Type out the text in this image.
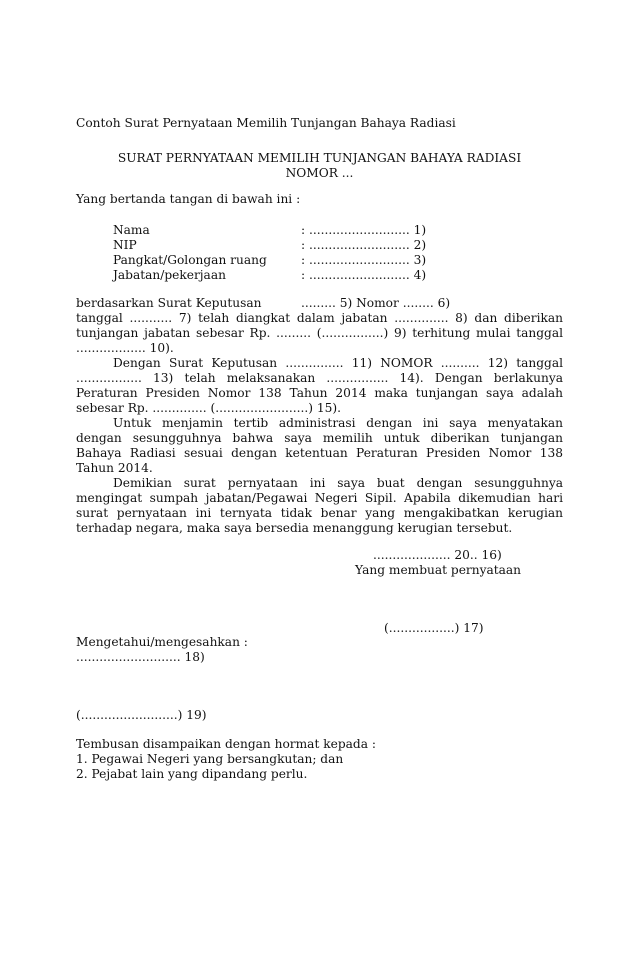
Contoh Surat Pernyataan Memilih Tunjangan Bahaya Radiasi
SURAT PERNYATAAN MEMILIH TUNJANGAN BAHAYA RADIASI
NOMOR ...
Yang bertanda tangan di bawah ini :
Nama	: .......................... 1)
NIP	: .......................... 2)
Pangkat/Golongan ruang	: .......................... 3)
Jabatan/pekerjaan	: .......................... 4)
berdasarkan Surat Keputusan	......... 5) Nomor ........ 6)
tanggal ........... 7) telah diangkat dalam jabatan .............. 8) dan diberikan
tunjangan jabatan sebesar Rp. ......... (................) 9) terhitung mulai tanggal
.................. 10).
Dengan Surat Keputusan ............... 11) NOMOR .......... 12) tanggal
................. 13) telah melaksanakan ................ 14). Dengan berlakunya
Peraturan Presiden Nomor 138 Tahun 2014 maka tunjangan saya adalah
sebesar Rp. .............. (........................) 15).
Untuk menjamin tertib administrasi dengan ini saya menyatakan
dengan sesungguhnya bahwa saya memilih untuk diberikan tunjangan
Bahaya Radiasi sesuai dengan ketentuan Peraturan Presiden Nomor 138
Tahun 2014.
Demikian surat pernyataan ini saya buat dengan sesungguhnya
mengingat sumpah jabatan/Pegawai Negeri Sipil. Apabila dikemudian hari
surat pernyataan ini ternyata tidak benar yang mengakibatkan kerugian
terhadap negara, maka saya bersedia menanggung kerugian tersebut.
.................... 20.. 16)
Yang membuat pernyataan
(.................) 17)
Mengetahui/mengesahkan :
........................... 18)
(.........................) 19)
Tembusan disampaikan dengan hormat kepada :
1. Pegawai Negeri yang bersangkutan; dan
2. Pejabat lain yang dipandang perlu.
